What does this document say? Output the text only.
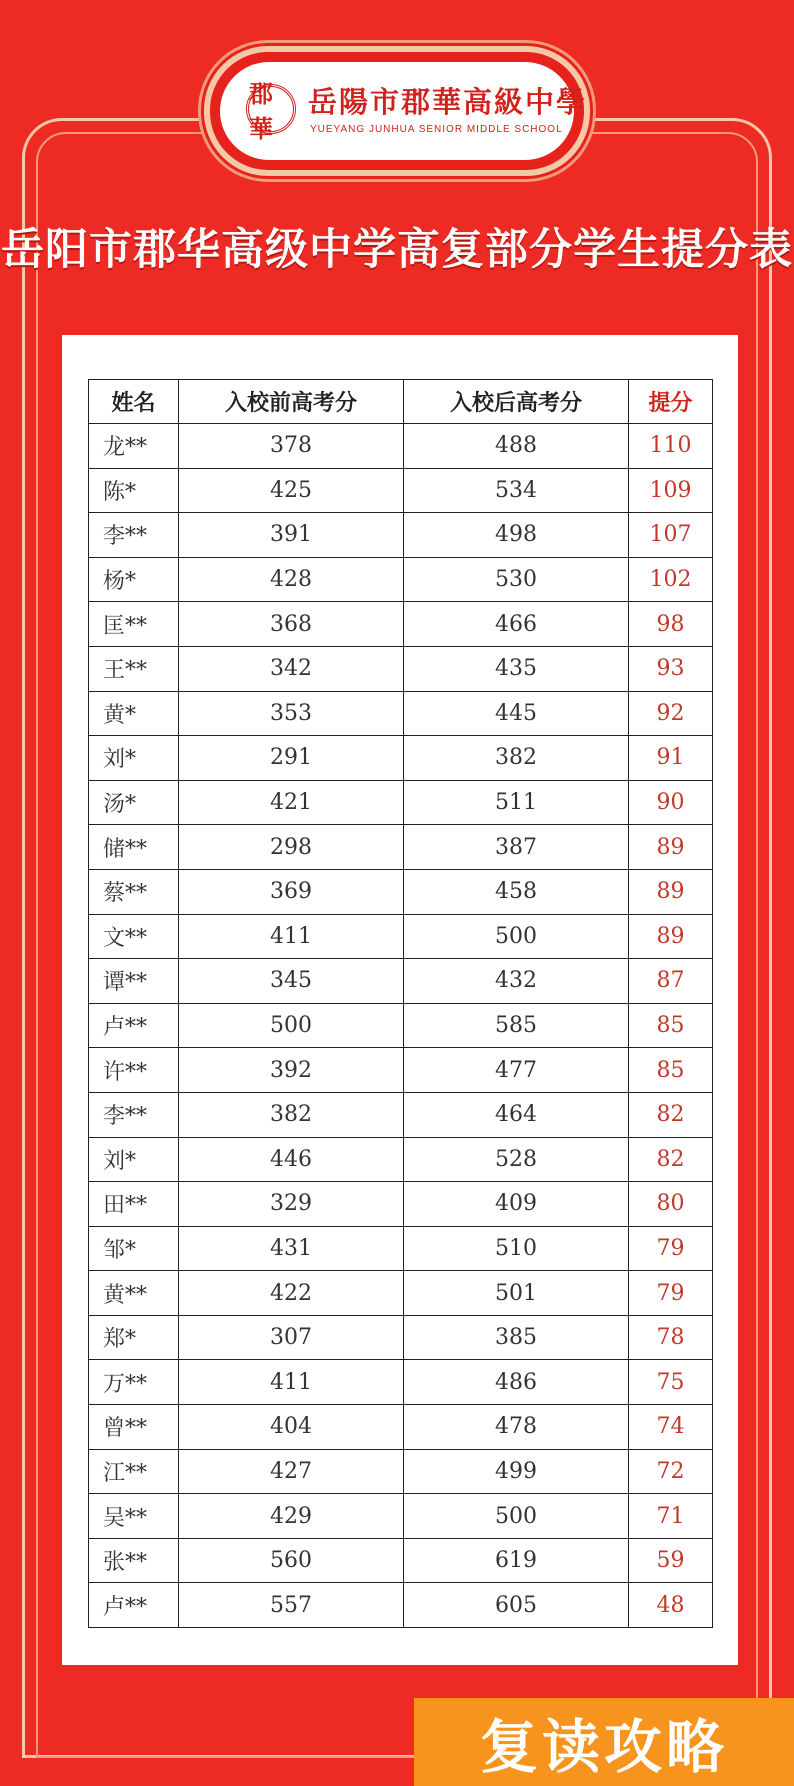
郡華
岳陽市郡華高級中學
YUEYANG JUNHUA SENIOR MIDDLE SCHOOL
岳阳市郡华高级中学高复部分学生提分表
姓名	入校前高考分	入校后高考分	提分
龙**	378	488	110
陈*	425	534	109
李**	391	498	107
杨*	428	530	102
匡**	368	466	98
王**	342	435	93
黄*	353	445	92
刘*	291	382	91
汤*	421	511	90
储**	298	387	89
蔡**	369	458	89
文**	411	500	89
谭**	345	432	87
卢**	500	585	85
许**	392	477	85
李**	382	464	82
刘*	446	528	82
田**	329	409	80
邹*	431	510	79
黄**	422	501	79
郑*	307	385	78
万**	411	486	75
曾**	404	478	74
江**	427	499	72
吴**	429	500	71
张**	560	619	59
卢**	557	605	48
复读攻略
